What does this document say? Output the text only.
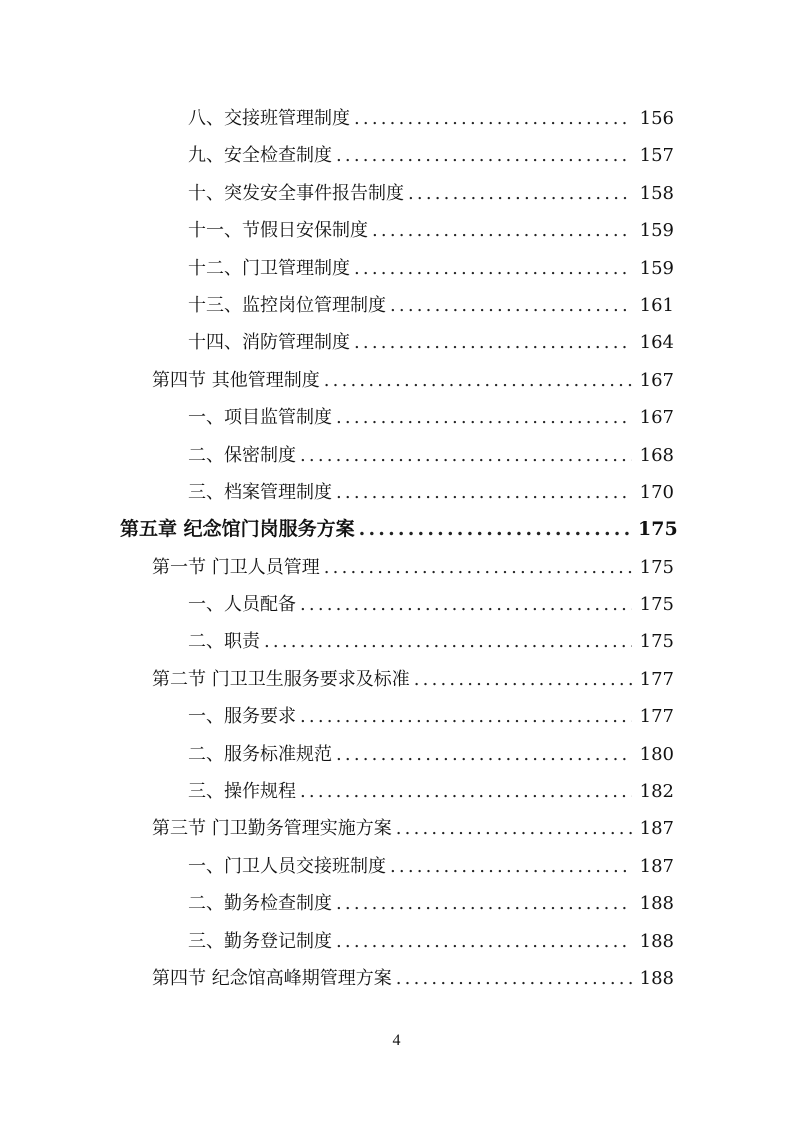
八、交接班管理制度 .....	156
九、安全检查制度 .....	157
十、突发安全事件报告制度 .....	158
十一、节假日安保制度 .....	159
十二、门卫管理制度 .....	159
十三、监控岗位管理制度 .....	161
十四、消防管理制度 .....	164
第四节 其他管理制度 .....	167
一、项目监管制度 .....	167
二、保密制度 .....	168
三、档案管理制度 .....	170
第五章 纪念馆门岗服务方案 .....	175
第一节 门卫人员管理 .....	175
一、人员配备 .....	175
二、职责 .....	175
第二节 门卫卫生服务要求及标准 .....	177
一、服务要求 .....	177
二、服务标准规范 .....	180
三、操作规程 .....	182
第三节 门卫勤务管理实施方案 .....	187
一、门卫人员交接班制度 .....	187
二、勤务检查制度 .....	188
三、勤务登记制度 .....	188
第四节 纪念馆高峰期管理方案 .....	188
4
